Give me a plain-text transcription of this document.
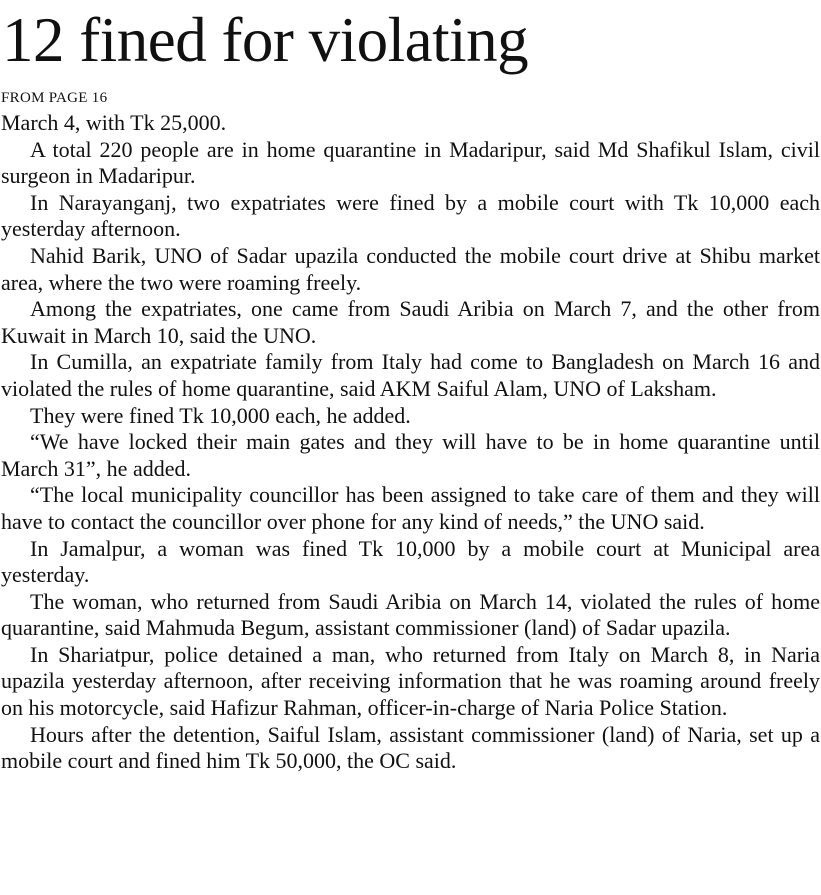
12 fined for violating
FROM PAGE 16

March 4, with Tk 25,000.

A total 220 people are in home quarantine in Madaripur, said Md Shafikul Islam, civil surgeon in Madaripur.

In Narayanganj, two expatriates were fined by a mobile court with Tk 10,000 each yesterday afternoon.

Nahid Barik, UNO of Sadar upazila conducted the mobile court drive at Shibu market area, where the two were roaming freely.

Among the expatriates, one came from Saudi Aribia on March 7, and the other from Kuwait in March 10, said the UNO.

In Cumilla, an expatriate family from Italy had come to Bangladesh on March 16 and violated the rules of home quarantine, said AKM Saiful Alam, UNO of Laksham.

They were fined Tk 10,000 each, he added.

“We have locked their main gates and they will have to be in home quarantine until March 31”, he added.

“The local municipality councillor has been assigned to take care of them and they will have to contact the councillor over phone for any kind of needs,” the UNO said.

In Jamalpur, a woman was fined Tk 10,000 by a mobile court at Municipal area yesterday.

The woman, who returned from Saudi Aribia on March 14, violated the rules of home quarantine, said Mahmuda Begum, assistant commissioner (land) of Sadar upazila.

In Shariatpur, police detained a man, who returned from Italy on March 8, in Naria upazila yesterday afternoon, after receiving information that he was roaming around freely on his motorcycle, said Hafizur Rahman, officer-in-charge of Naria Police Station.

Hours after the detention, Saiful Islam, assistant commissioner (land) of Naria, set up a mobile court and fined him Tk 50,000, the OC said.
